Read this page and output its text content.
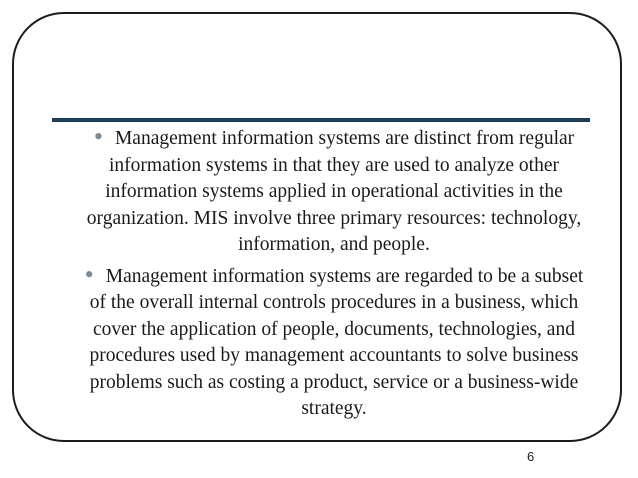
• Management information systems are distinct from regular information systems in that they are used to analyze other information systems applied in operational activities in the organization. MIS involve three primary resources: technology, information, and people.

• Management information systems are regarded to be a subset of the overall internal controls procedures in a business, which cover the application of people, documents, technologies, and procedures used by management accountants to solve business problems such as costing a product, service or a business-wide strategy.

6
